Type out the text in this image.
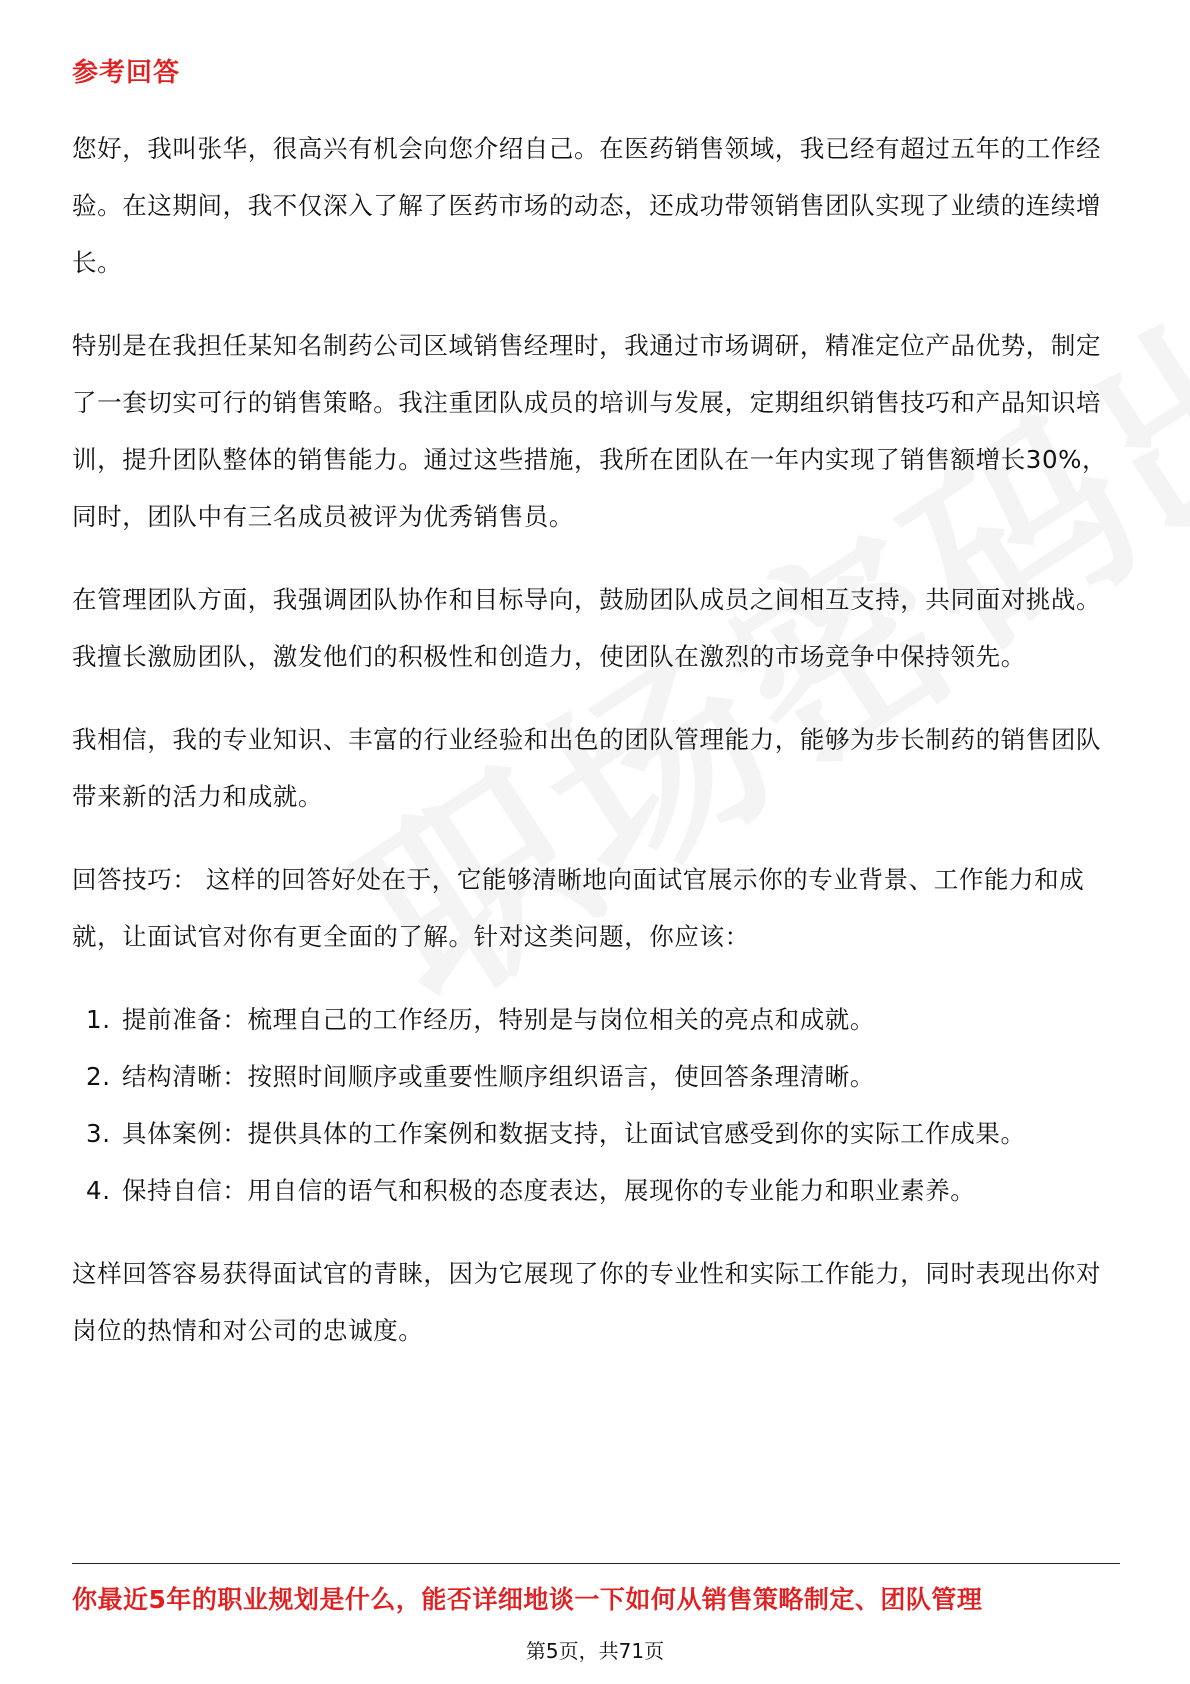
参考回答

您好，我叫张华，很高兴有机会向您介绍自己。在医药销售领域，我已经有超过五年的工作经验。在这期间，我不仅深入了解了医药市场的动态，还成功带领销售团队实现了业绩的连续增长。

特别是在我担任某知名制药公司区域销售经理时，我通过市场调研，精准定位产品优势，制定了一套切实可行的销售策略。我注重团队成员的培训与发展，定期组织销售技巧和产品知识培训，提升团队整体的销售能力。通过这些措施，我所在团队在一年内实现了销售额增长30%，同时，团队中有三名成员被评为优秀销售员。

在管理团队方面，我强调团队协作和目标导向，鼓励团队成员之间相互支持，共同面对挑战。我擅长激励团队，激发他们的积极性和创造力，使团队在激烈的市场竞争中保持领先。

我相信，我的专业知识、丰富的行业经验和出色的团队管理能力，能够为步长制药的销售团队带来新的活力和成就。

回答技巧： 这样的回答好处在于，它能够清晰地向面试官展示你的专业背景、工作能力和成就，让面试官对你有更全面的了解。针对这类问题，你应该：

1. 提前准备：梳理自己的工作经历，特别是与岗位相关的亮点和成就。
2. 结构清晰：按照时间顺序或重要性顺序组织语言，使回答条理清晰。
3. 具体案例：提供具体的工作案例和数据支持，让面试官感受到你的实际工作成果。
4. 保持自信：用自信的语气和积极的态度表达，展现你的专业能力和职业素养。

这样回答容易获得面试官的青睐，因为它展现了你的专业性和实际工作能力，同时表现出你对岗位的热情和对公司的忠诚度。

你最近5年的职业规划是什么，能否详细地谈一下如何从销售策略制定、团队管理
第5页，共71页
